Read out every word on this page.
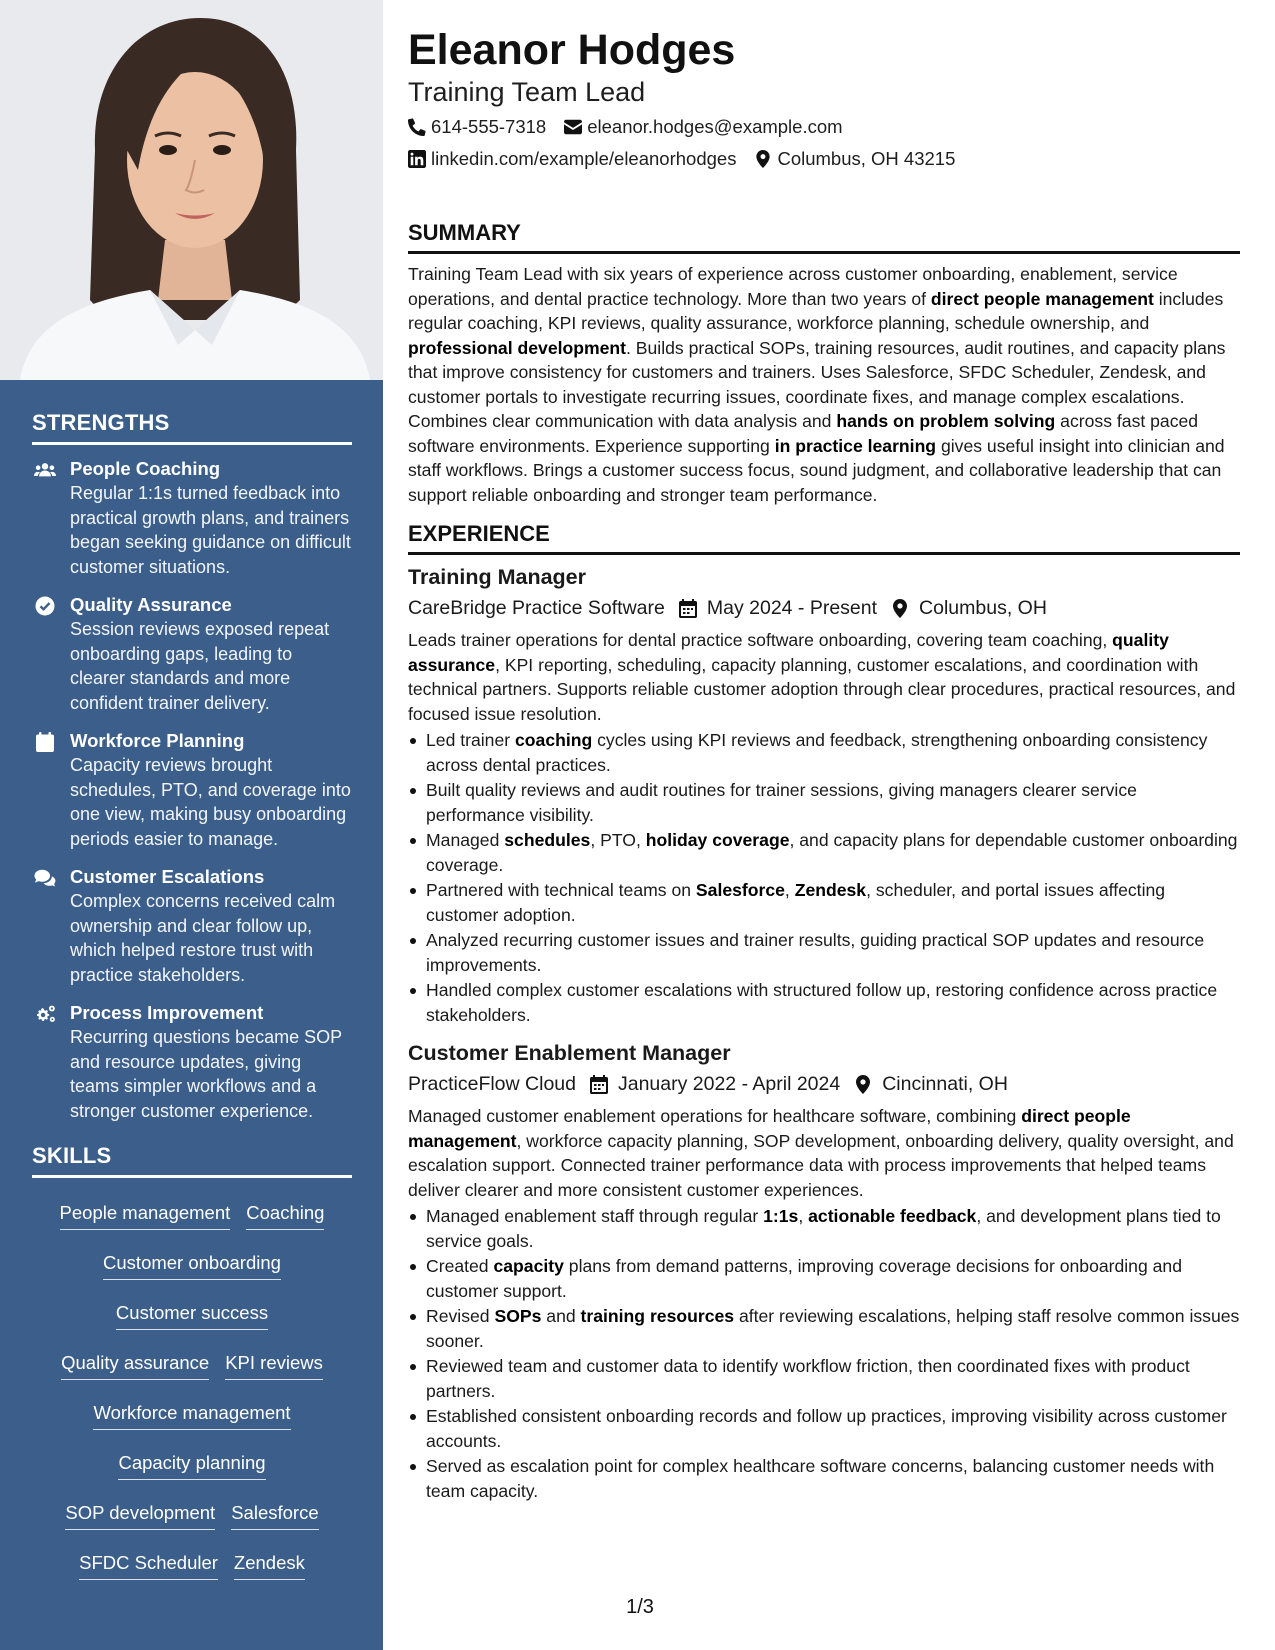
STRENGTHS
People Coaching
Regular 1:1s turned feedback into practical growth plans, and trainers began seeking guidance on difficult customer situations.
Quality Assurance
Session reviews exposed repeat onboarding gaps, leading to clearer standards and more confident trainer delivery.
Workforce Planning
Capacity reviews brought schedules, PTO, and coverage into one view, making busy onboarding periods easier to manage.
Customer Escalations
Complex concerns received calm ownership and clear follow up, which helped restore trust with practice stakeholders.
Process Improvement
Recurring questions became SOP and resource updates, giving teams simpler workflows and a stronger customer experience.
SKILLS
People management Coaching
Customer onboarding
Customer success
Quality assurance KPI reviews
Workforce management
Capacity planning
SOP development Salesforce
SFDC Scheduler Zendesk
Eleanor Hodges
Training Team Lead
614-555-7318 eleanor.hodges@example.com
linkedin.com/example/eleanorhodges Columbus, OH 43215
SUMMARY

Training Team Lead with six years of experience across customer onboarding, enablement, service operations, and dental practice technology. More than two years of direct people management includes regular coaching, KPI reviews, quality assurance, workforce planning, schedule ownership, and professional development. Builds practical SOPs, training resources, audit routines, and capacity plans that improve consistency for customers and trainers. Uses Salesforce, SFDC Scheduler, Zendesk, and customer portals to investigate recurring issues, coordinate fixes, and manage complex escalations. Combines clear communication with data analysis and hands on problem solving across fast paced software environments. Experience supporting in practice learning gives useful insight into clinician and staff workflows. Brings a customer success focus, sound judgment, and collaborative leadership that can support reliable onboarding and stronger team performance.

EXPERIENCE
Training Manager
CareBridge Practice Software May 2024 - Present Columbus, OH

Leads trainer operations for dental practice software onboarding, covering team coaching, quality assurance, KPI reporting, scheduling, capacity planning, customer escalations, and coordination with technical partners. Supports reliable customer adoption through clear procedures, practical resources, and focused issue resolution.

Led trainer coaching cycles using KPI reviews and feedback, strengthening onboarding consistency across dental practices.
Built quality reviews and audit routines for trainer sessions, giving managers clearer service performance visibility.
Managed schedules, PTO, holiday coverage, and capacity plans for dependable customer onboarding coverage.
Partnered with technical teams on Salesforce, Zendesk, scheduler, and portal issues affecting customer adoption.
Analyzed recurring customer issues and trainer results, guiding practical SOP updates and resource improvements.
Handled complex customer escalations with structured follow up, restoring confidence across practice stakeholders.
Customer Enablement Manager
PracticeFlow Cloud January 2022 - April 2024 Cincinnati, OH

Managed customer enablement operations for healthcare software, combining direct people management, workforce capacity planning, SOP development, onboarding delivery, quality oversight, and escalation support. Connected trainer performance data with process improvements that helped teams deliver clearer and more consistent customer experiences.

Managed enablement staff through regular 1:1s, actionable feedback, and development plans tied to service goals.
Created capacity plans from demand patterns, improving coverage decisions for onboarding and customer support.
Revised SOPs and training resources after reviewing escalations, helping staff resolve common issues sooner.
Reviewed team and customer data to identify workflow friction, then coordinated fixes with product partners.
Established consistent onboarding records and follow up practices, improving visibility across customer accounts.
Served as escalation point for complex healthcare software concerns, balancing customer needs with team capacity.
1/3
